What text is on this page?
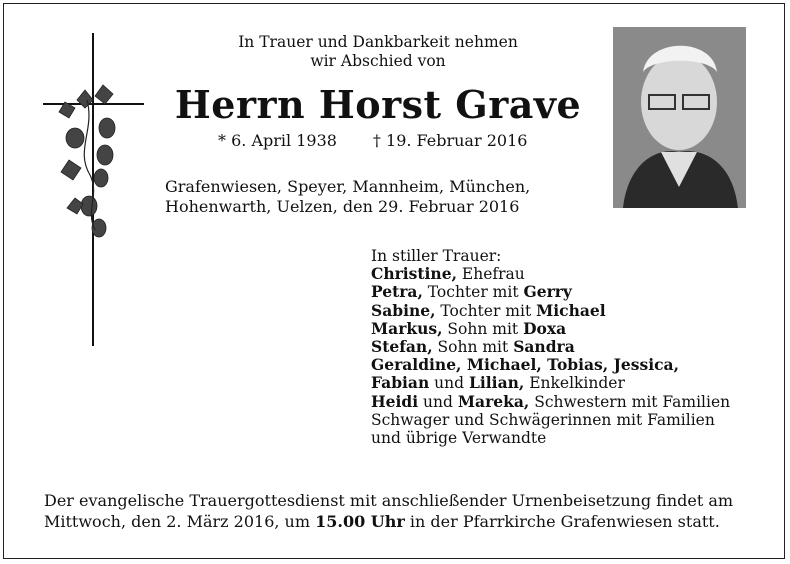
In Trauer und Dankbarkeit nehmen
wir Abschied von
Herrn Horst Grave
* 6. April 1938 † 19. Februar 2016
Grafenwiesen, Speyer, Mannheim, München,
Hohenwarth, Uelzen, den 29. Februar 2016
In stiller Trauer:
Christine, Ehefrau
Petra, Tochter mit Gerry
Sabine, Tochter mit Michael
Markus, Sohn mit Doxa
Stefan, Sohn mit Sandra
Geraldine, Michael, Tobias, Jessica,
Fabian und Lilian, Enkelkinder
Heidi und Mareka, Schwestern mit Familien
Schwager und Schwägerinnen mit Familien
und übrige Verwandte
Der evangelische Trauergottesdienst mit anschließender Urnenbeisetzung findet am
Mittwoch, den 2. März 2016, um 15.00 Uhr in der Pfarrkirche Grafenwiesen statt.
